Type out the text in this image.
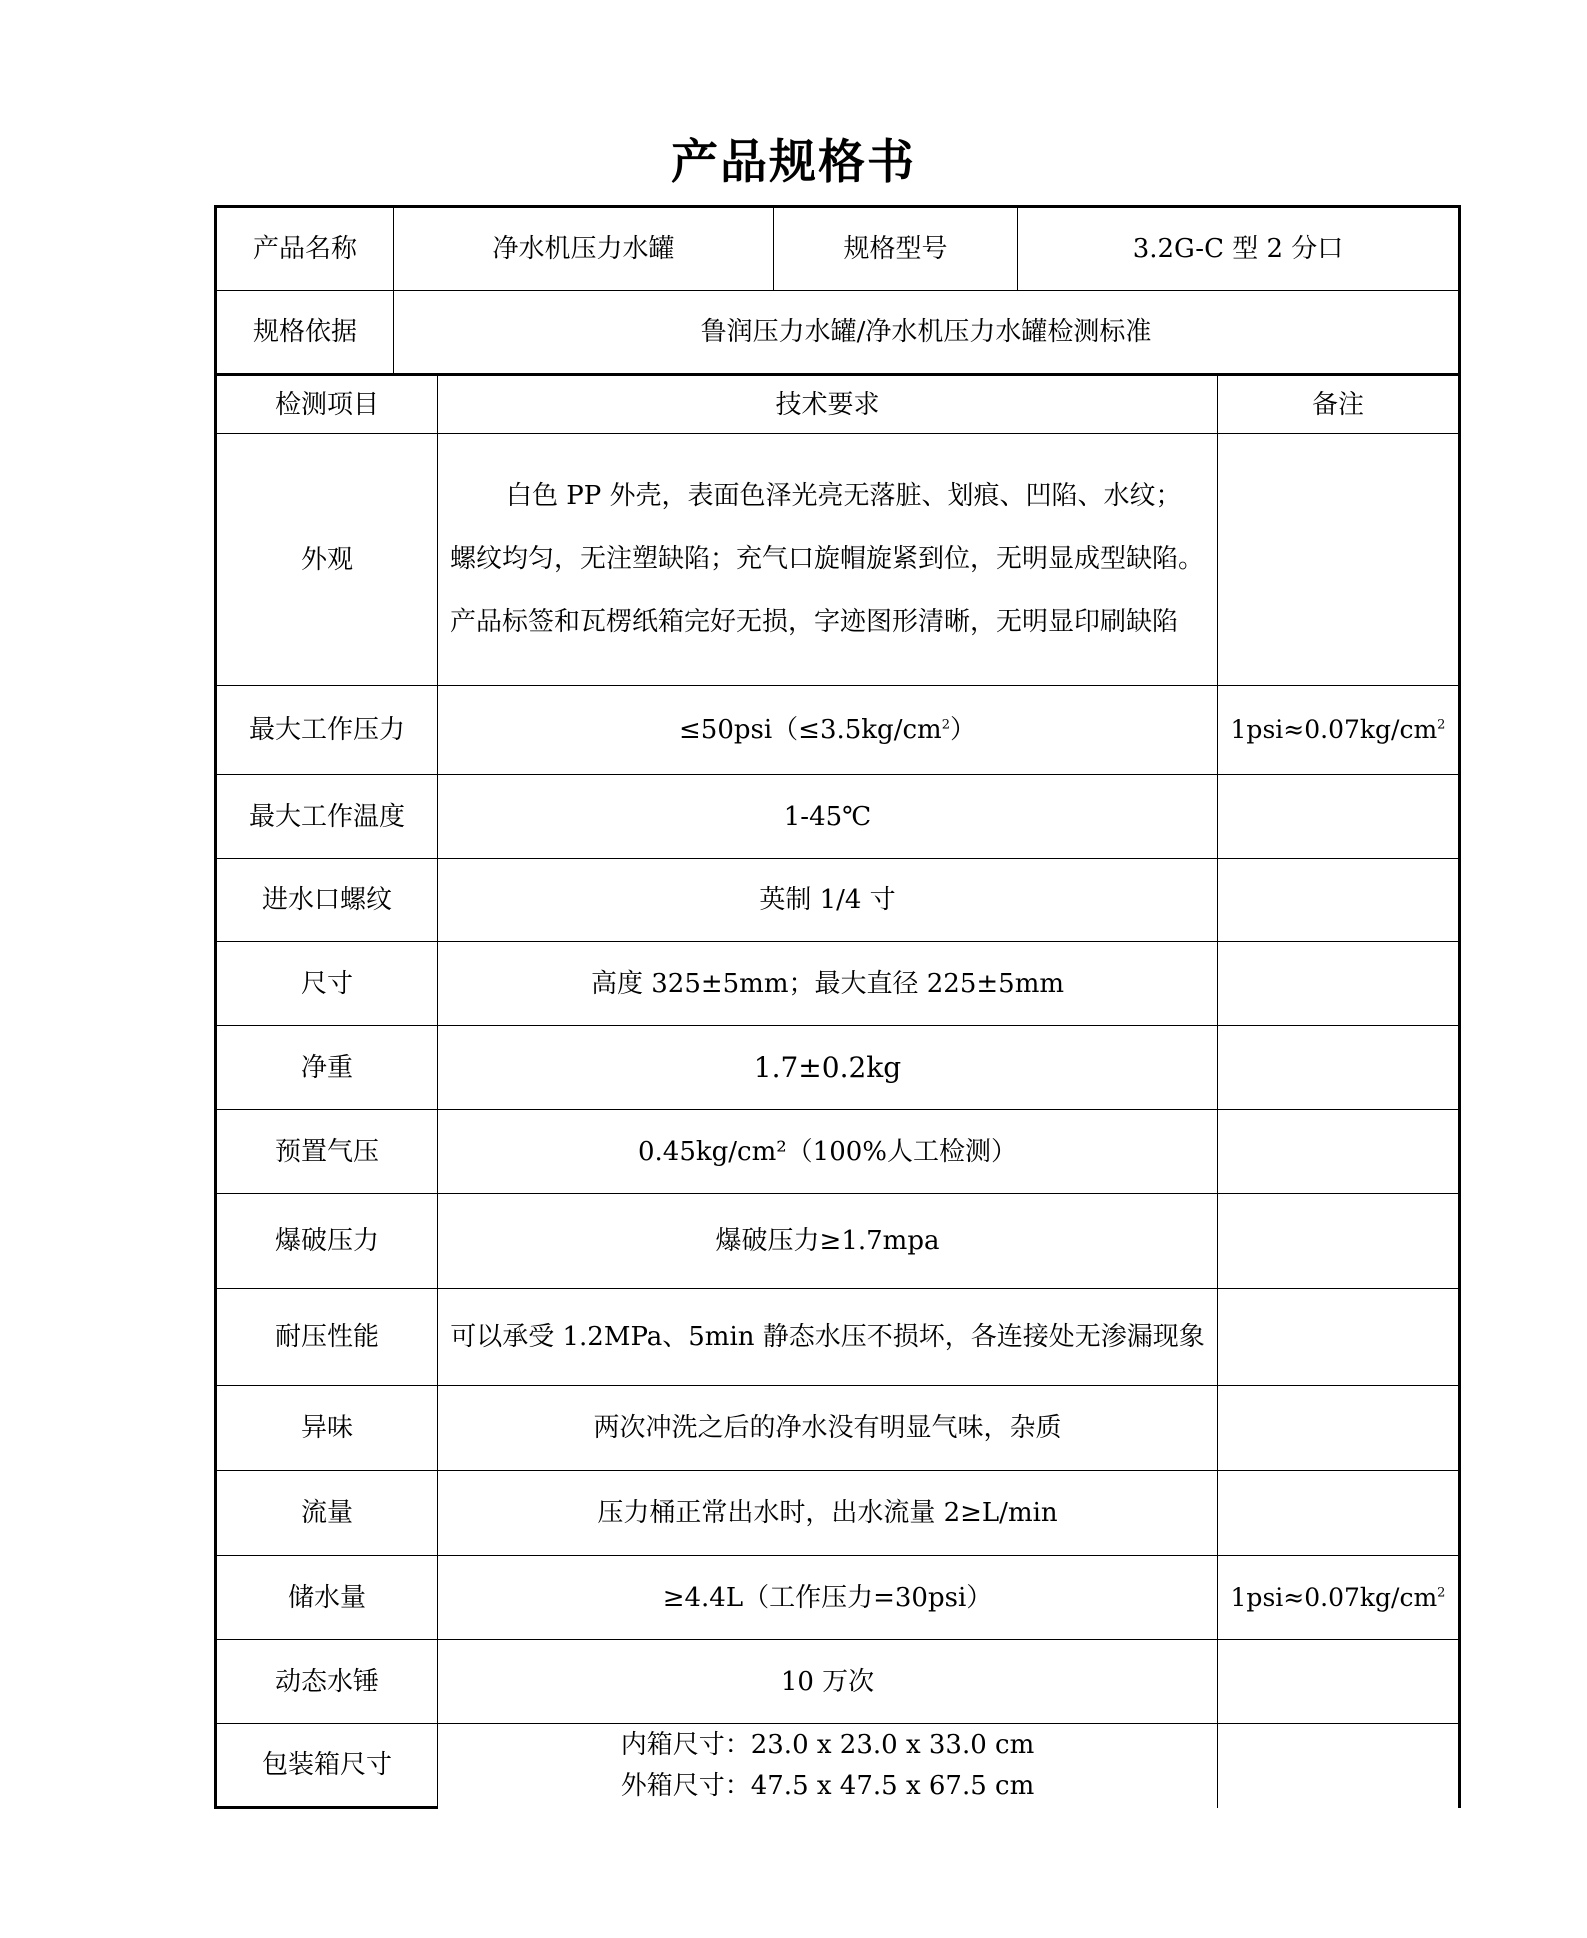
产品规格书
产品名称	净水机压力水罐	规格型号	3.2G-C 型 2 分口
规格依据	鲁润压力水罐/净水机压力水罐检测标准		
检测项目	技术要求	备注
外观	白色 PP 外壳，表面色泽光亮无落脏、划痕、凹陷、水纹；螺纹均匀，无注塑缺陷；充气口旋帽旋紧到位，无明显成型缺陷。产品标签和瓦楞纸箱完好无损，字迹图形清晰，无明显印刷缺陷	
最大工作压力	$\le 50psi(\le 3.5kg/cm^2)$	$1psi\approx 0.07kg/cm^2$
最大工作温度	1-45℃	
进水口螺纹	英制 1/4 寸	
尺寸	高度 325±5mm；最大直径 225±5mm	
净重	1.7±0.2kg	
预置气压	0.45kg/cm²（100%人工检测）	
爆破压力	爆破压力≥1.7mpa	
耐压性能	可以承受 1.2MPa、5min 静态水压不损坏，各连接处无渗漏现象	
异味	两次冲洗之后的净水没有明显气味，杂质	
流量	压力桶正常出水时，出水流量 2≥L/min	
储水量	≥4.4L（工作压力=30psi）	$1psi\approx 0.07kg/cm^2$
动态水锤	10 万次	
包装箱尺寸	内箱尺寸：23.0 x 23.0 x 33.0 cm
外箱尺寸：47.5 x 47.5 x 67.5 cm	
